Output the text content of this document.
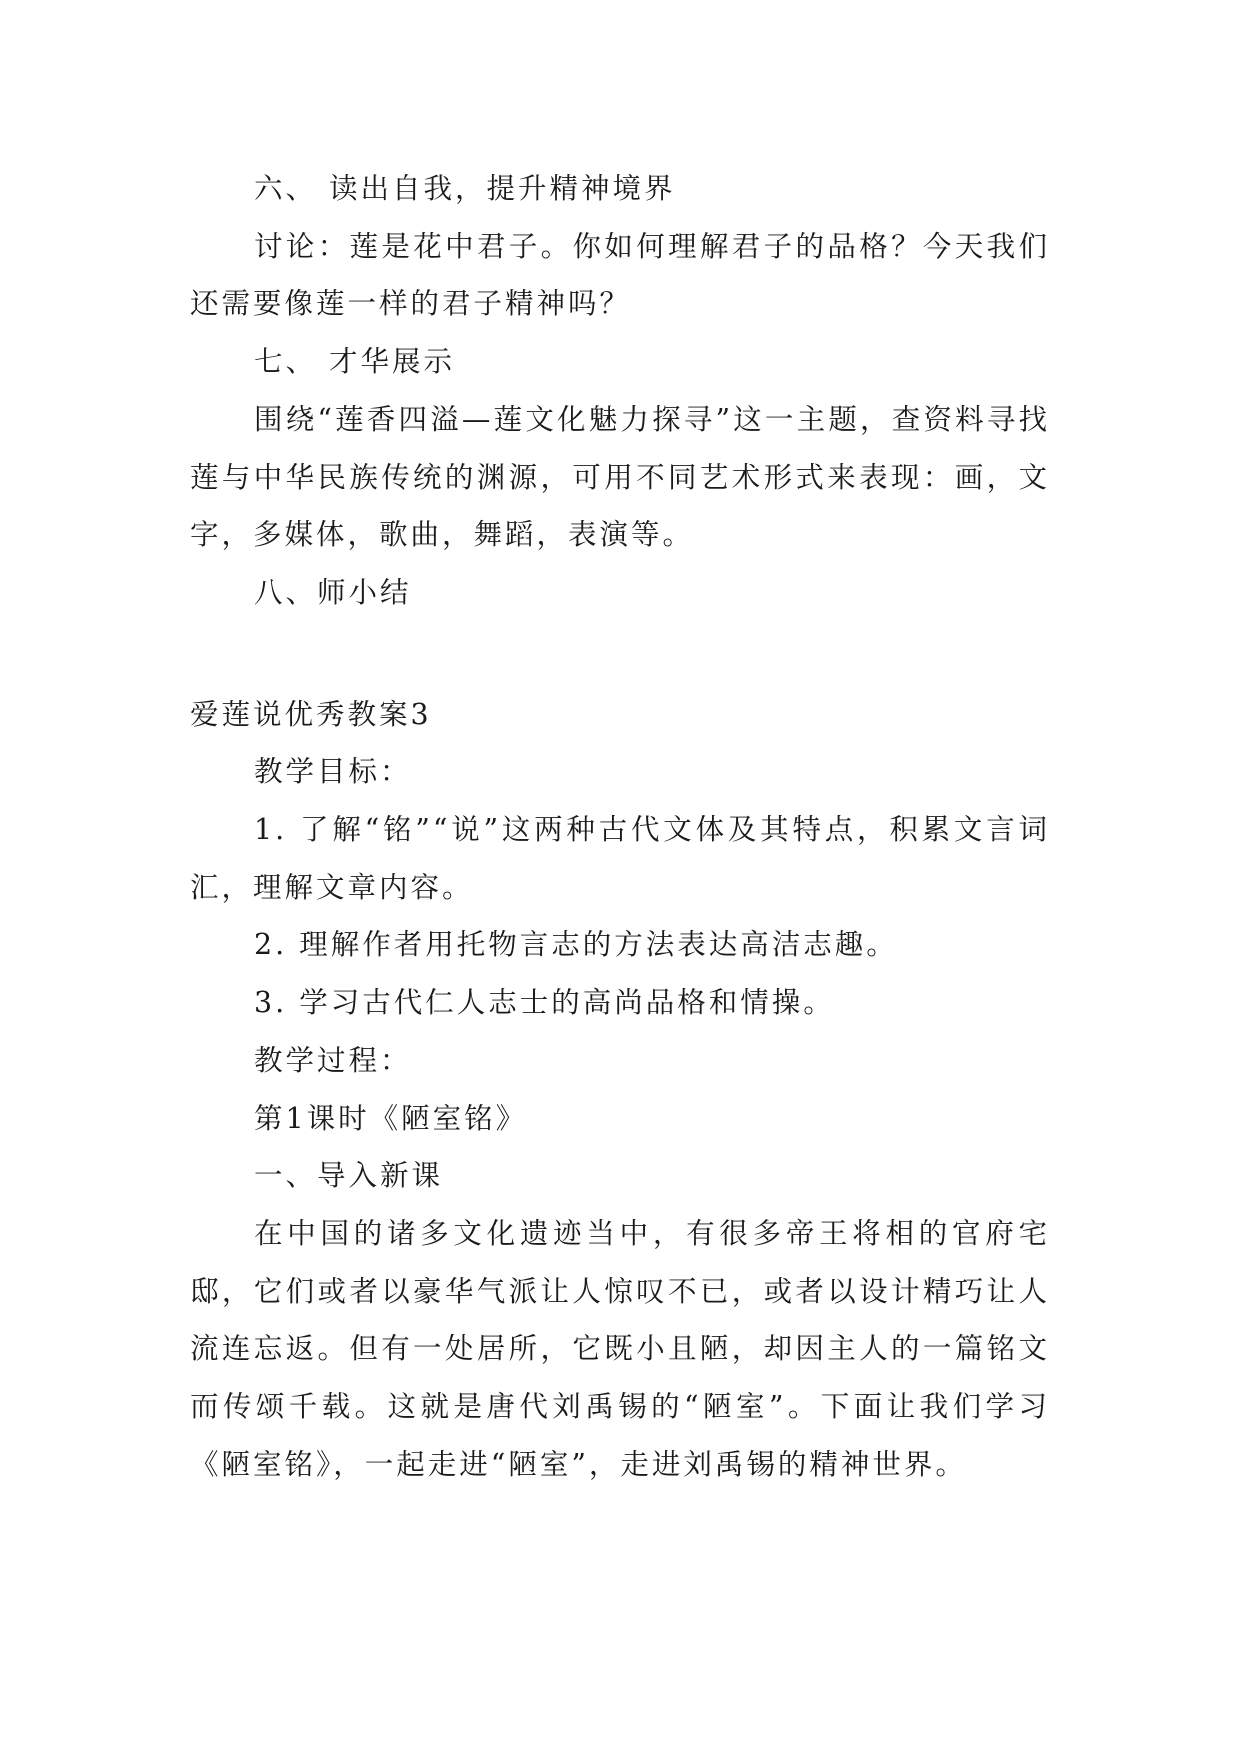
六、 读出自我，提升精神境界

讨论：莲是花中君子。你如何理解君子的品格？今天我们还需要像莲一样的君子精神吗？

七、 才华展示

围绕“莲香四溢—莲文化魅力探寻”这一主题，查资料寻找莲与中华民族传统的渊源，可用不同艺术形式来表现：画，文字，多媒体，歌曲，舞蹈，表演等。

八、师小结

爱莲说优秀教案3

教学目标：

1. 了解“铭”“说”这两种古代文体及其特点，积累文言词汇，理解文章内容。

2. 理解作者用托物言志的方法表达高洁志趣。

3. 学习古代仁人志士的高尚品格和情操。

教学过程：

第1课时《陋室铭》

一、导入新课

在中国的诸多文化遗迹当中，有很多帝王将相的官府宅邸，它们或者以豪华气派让人惊叹不已，或者以设计精巧让人流连忘返。但有一处居所，它既小且陋，却因主人的一篇铭文而传颂千载。这就是唐代刘禹锡的“陋室”。下面让我们学习《陋室铭》，一起走进“陋室”，走进刘禹锡的精神世界。
